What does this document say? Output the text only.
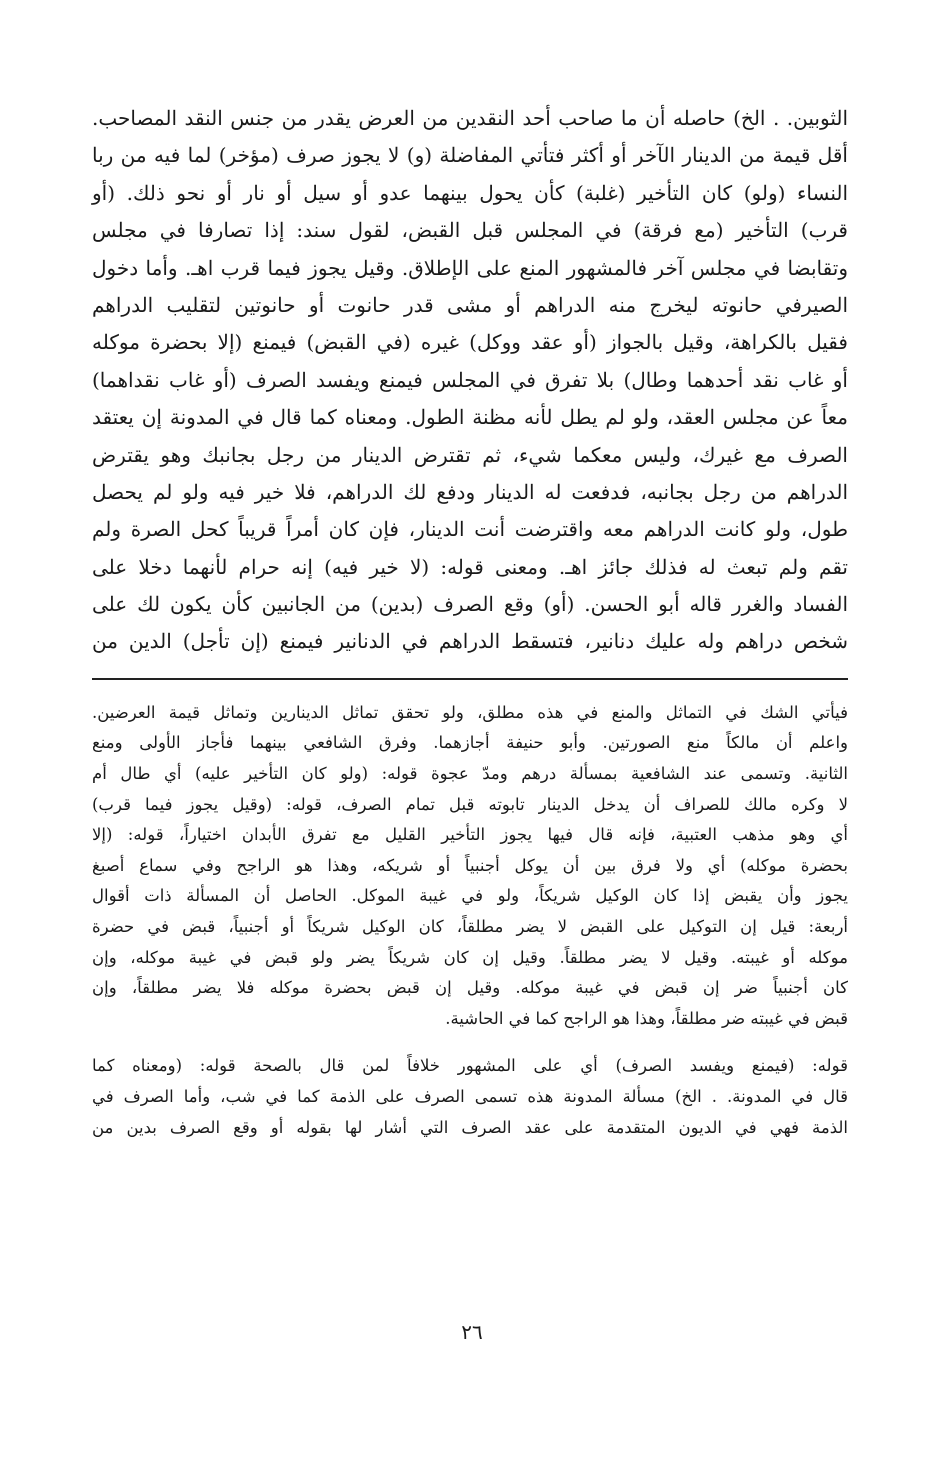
الثوبين. . الخ) حاصله أن ما صاحب أحد النقدين من العرض يقدر من جنس النقد المصاحب.
أقل قيمة من الدينار الآخر أو أكثر فتأتي المفاضلة (و) لا يجوز صرف (مؤخر) لما فيه من ربا
النساء (ولو) كان التأخير (غلبة) كأن يحول بينهما عدو أو سيل أو نار أو نحو ذلك. (أو
قرب) التأخير (مع فرقة) في المجلس قبل القبض، لقول سند: إذا تصارفا في مجلس
وتقابضا في مجلس آخر فالمشهور المنع على الإطلاق. وقيل يجوز فيما قرب اهـ. وأما دخول
الصيرفي حانوته ليخرج منه الدراهم أو مشى قدر حانوت أو حانوتين لتقليب الدراهم
فقيل بالكراهة، وقيل بالجواز (أو عقد ووكل) غيره (في القبض) فيمنع (إلا بحضرة موكله
أو غاب نقد أحدهما وطال) بلا تفرق في المجلس فيمنع ويفسد الصرف (أو غاب نقداهما)
معاً عن مجلس العقد، ولو لم يطل لأنه مظنة الطول. ومعناه كما قال في المدونة إن يعتقد
الصرف مع غيرك، وليس معكما شيء، ثم تقترض الدينار من رجل بجانبك وهو يقترض
الدراهم من رجل بجانبه، فدفعت له الدينار ودفع لك الدراهم، فلا خير فيه ولو لم يحصل
طول، ولو كانت الدراهم معه واقترضت أنت الدينار، فإن كان أمراً قريباً كحل الصرة ولم
تقم ولم تبعث له فذلك جائز اهـ. ومعنى قوله: (لا خير فيه) إنه حرام لأنهما دخلا على
الفساد والغرر قاله أبو الحسن. (أو) وقع الصرف (بدين) من الجانبين كأن يكون لك على
شخص دراهم وله عليك دنانير، فتسقط الدراهم في الدنانير فيمنع (إن تأجل) الدين من
فيأتي الشك في التماثل والمنع في هذه مطلق، ولو تحقق تماثل الدينارين وتماثل قيمة العرضين.
واعلم أن مالكاً منع الصورتين. وأبو حنيفة أجازهما. وفرق الشافعي بينهما فأجاز الأولى ومنع
الثانية. وتسمى عند الشافعية بمسألة درهم ومدّ عجوة قوله: (ولو كان التأخير عليه) أي طال أم
لا وكره مالك للصراف أن يدخل الدينار تابوته قبل تمام الصرف، قوله: (وقيل يجوز فيما قرب)
أي وهو مذهب العتبية، فإنه قال فيها يجوز التأخير القليل مع تفرق الأبدان اختياراً، قوله: (إلا
بحضرة موكله) أي ولا فرق بين أن يوكل أجنبياً أو شريكه، وهذا هو الراجح وفي سماع أصبغ
يجوز وأن يقبض إذا كان الوكيل شريكاً، ولو في غيبة الموكل. الحاصل أن المسألة ذات أقوال
أربعة: قيل إن التوكيل على القبض لا يضر مطلقاً، كان الوكيل شريكاً أو أجنبياً، قبض في حضرة
موكله أو غيبته. وقيل لا يضر مطلقاً. وقيل إن كان شريكاً يضر ولو قبض في غيبة موكله، وإن
كان أجنبياً ضر إن قبض في غيبة موكله. وقيل إن قبض بحضرة موكله فلا يضر مطلقاً، وإن
قبض في غيبته ضر مطلقاً، وهذا هو الراجح كما في الحاشية.
قوله: (فيمنع ويفسد الصرف) أي على المشهور خلافاً لمن قال بالصحة قوله: (ومعناه كما
قال في المدونة. . الخ) مسألة المدونة هذه تسمى الصرف على الذمة كما في شب، وأما الصرف في
الذمة فهي في الديون المتقدمة على عقد الصرف التي أشار لها بقوله أو وقع الصرف بدين من
٢٦
